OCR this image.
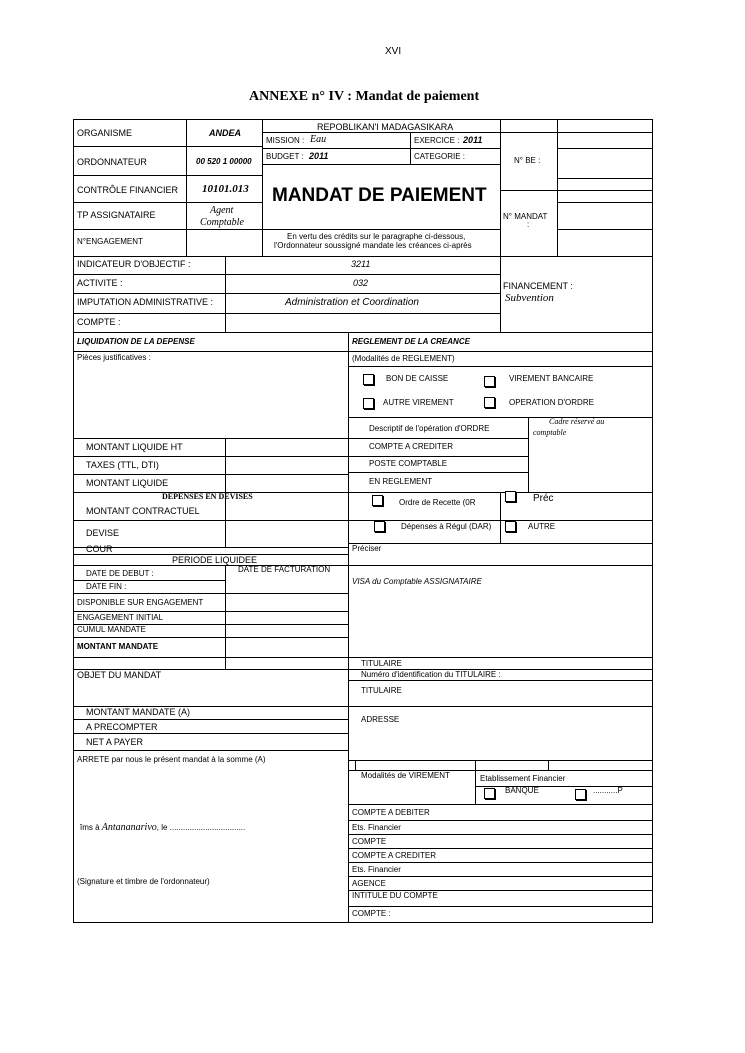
XVI
ANNEXE n° IV : Mandat de paiement
ORGANISME	ANDEA
ORDONNATEUR	00 520 1 00000
CONTRÔLE FINANCIER 10101.013
TP ASSIGNATAIRE	Agent
Comptable
N°ENGAGEMENT
REPOBLIKAN'I MADAGASIKARA
MISSION : Eau	EXERCICE : 2011
BUDGET : 2011	CATEGORIE :
MANDAT DE PAIEMENT
En vertu des crédits sur le paragraphe ci-dessous,
l'Ordonnateur soussigné mandate les créances ci-après
N° BE :
N° MANDAT
:
INDICATEUR D'OBJECTIF :	3211
ACTIVITE :	032
IMPUTATION ADMINISTRATIVE :	Administration et Coordination
COMPTE :
FINANCEMENT :
Subvention
LIQUIDATION DE LA DEPENSE
Pièces justificatives :
MONTANT LIQUIDE HT
TAXES (TTL, DTI)
MONTANT LIQUIDE
DEPENSES EN DEVISES
MONTANT CONTRACTUEL
DEVISE
COUR
PERIODE LIQUIDEE
DATE DE DEBUT :	DATE DE FACTURATION
DATE FIN :
DISPONIBLE SUR ENGAGEMENT
ENGAGEMENT INITIAL
CUMUL MANDATE
MONTANT MANDATE
OBJET DU MANDAT
MONTANT MANDATE (A)
A PRECOMPTER
NET A PAYER
ARRETE par nous le présent mandat à la somme (A)
îms à Antananarivo, le ..................................
(Signature et timbre de l'ordonnateur)
REGLEMENT DE LA CREANCE
(Modalités de REGLEMENT)
BON DE CAISSE	VIREMENT BANCAIRE
AUTRE VIREMENT	OPERATION D'ORDRE
Descriptif de l'opération d'ORDRE
Cadre réservé au
comptable
COMPTE A CREDITER
POSTE COMPTABLE
EN REGLEMENT
Ordre de Recette (0R	Préc
Dépenses à Régul (DAR)	AUTRE
Préciser
VISA du Comptable ASSIGNATAIRE
TITULAIRE
Numéro d'identification du TITULAIRE :
TITULAIRE
ADRESSE
Modalités de VIREMENT	Etablissement Financier
BANQUE	...........P
COMPTE A DEBITER
Ets. Financier
COMPTE
COMPTE A CREDITER
Ets. Financier
AGENCE
INTITULE DU COMPTE
COMPTE :
